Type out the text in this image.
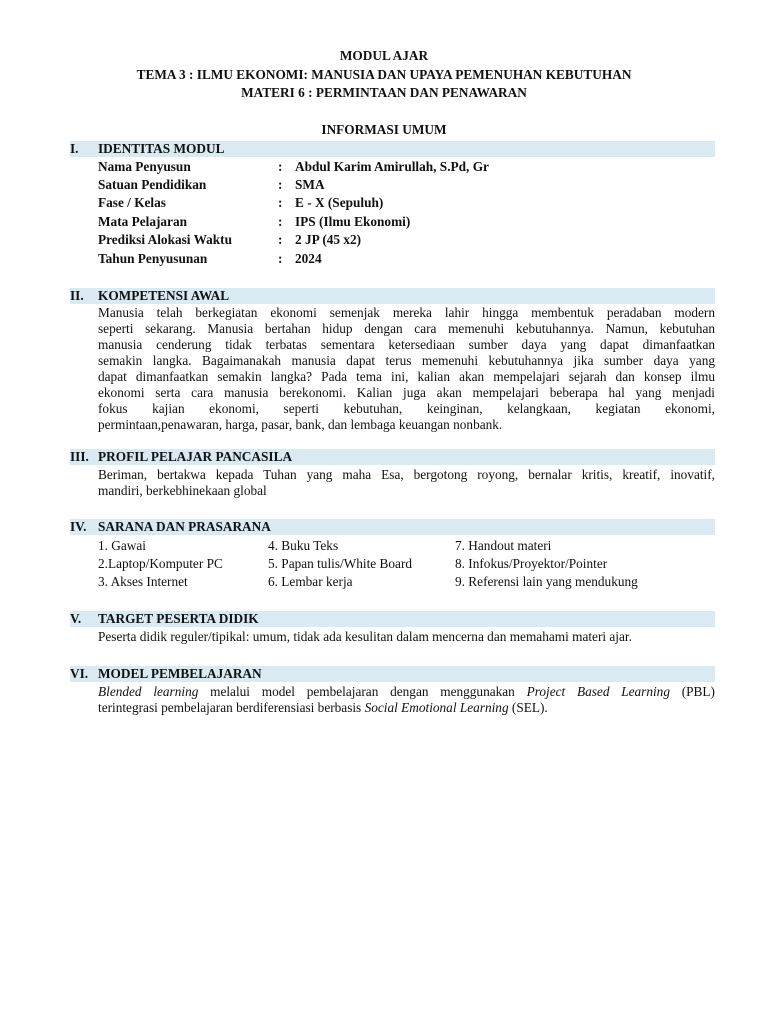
MODUL AJAR
TEMA 3 : ILMU EKONOMI: MANUSIA DAN UPAYA PEMENUHAN KEBUTUHAN
MATERI 6 : PERMINTAAN DAN PENAWARAN
INFORMASI UMUM
I. IDENTITAS MODUL
Nama Penyusun	: Abdul Karim Amirullah, S.Pd, Gr
Satuan Pendidikan	: SMA
Fase / Kelas	: E - X (Sepuluh)
Mata Pelajaran	: IPS (Ilmu Ekonomi)
Prediksi Alokasi Waktu	: 2 JP (45 x2)
Tahun Penyusunan	: 2024
II. KOMPETENSI AWAL
Manusia telah berkegiatan ekonomi semenjak mereka lahir hingga membentuk peradaban modern
seperti sekarang. Manusia bertahan hidup dengan cara memenuhi kebutuhannya. Namun, kebutuhan
manusia cenderung tidak terbatas sementara ketersediaan sumber daya yang dapat dimanfaatkan
semakin langka. Bagaimanakah manusia dapat terus memenuhi kebutuhannya jika sumber daya yang
dapat dimanfaatkan semakin langka? Pada tema ini, kalian akan mempelajari sejarah dan konsep ilmu
ekonomi serta cara manusia berekonomi. Kalian juga akan mempelajari beberapa hal yang menjadi
fokus kajian ekonomi, seperti kebutuhan, keinginan, kelangkaan, kegiatan ekonomi,
permintaan,penawaran, harga, pasar, bank, dan lembaga keuangan nonbank.
III. PROFIL PELAJAR PANCASILA
Beriman, bertakwa kepada Tuhan yang maha Esa, bergotong royong, bernalar kritis, kreatif, inovatif,
mandiri, berkebhinekaan global
IV. SARANA DAN PRASARANA
1. Gawai	4. Buku Teks	7. Handout materi
2.Laptop/Komputer PC	5. Papan tulis/White Board	8. Infokus/Proyektor/Pointer
3. Akses Internet	6. Lembar kerja	9. Referensi lain yang mendukung
V. TARGET PESERTA DIDIK
Peserta didik reguler/tipikal: umum, tidak ada kesulitan dalam mencerna dan memahami materi ajar.
VI. MODEL PEMBELAJARAN
Blended learning melalui model pembelajaran dengan menggunakan Project Based Learning (PBL)
terintegrasi pembelajaran berdiferensiasi berbasis Social Emotional Learning (SEL).
